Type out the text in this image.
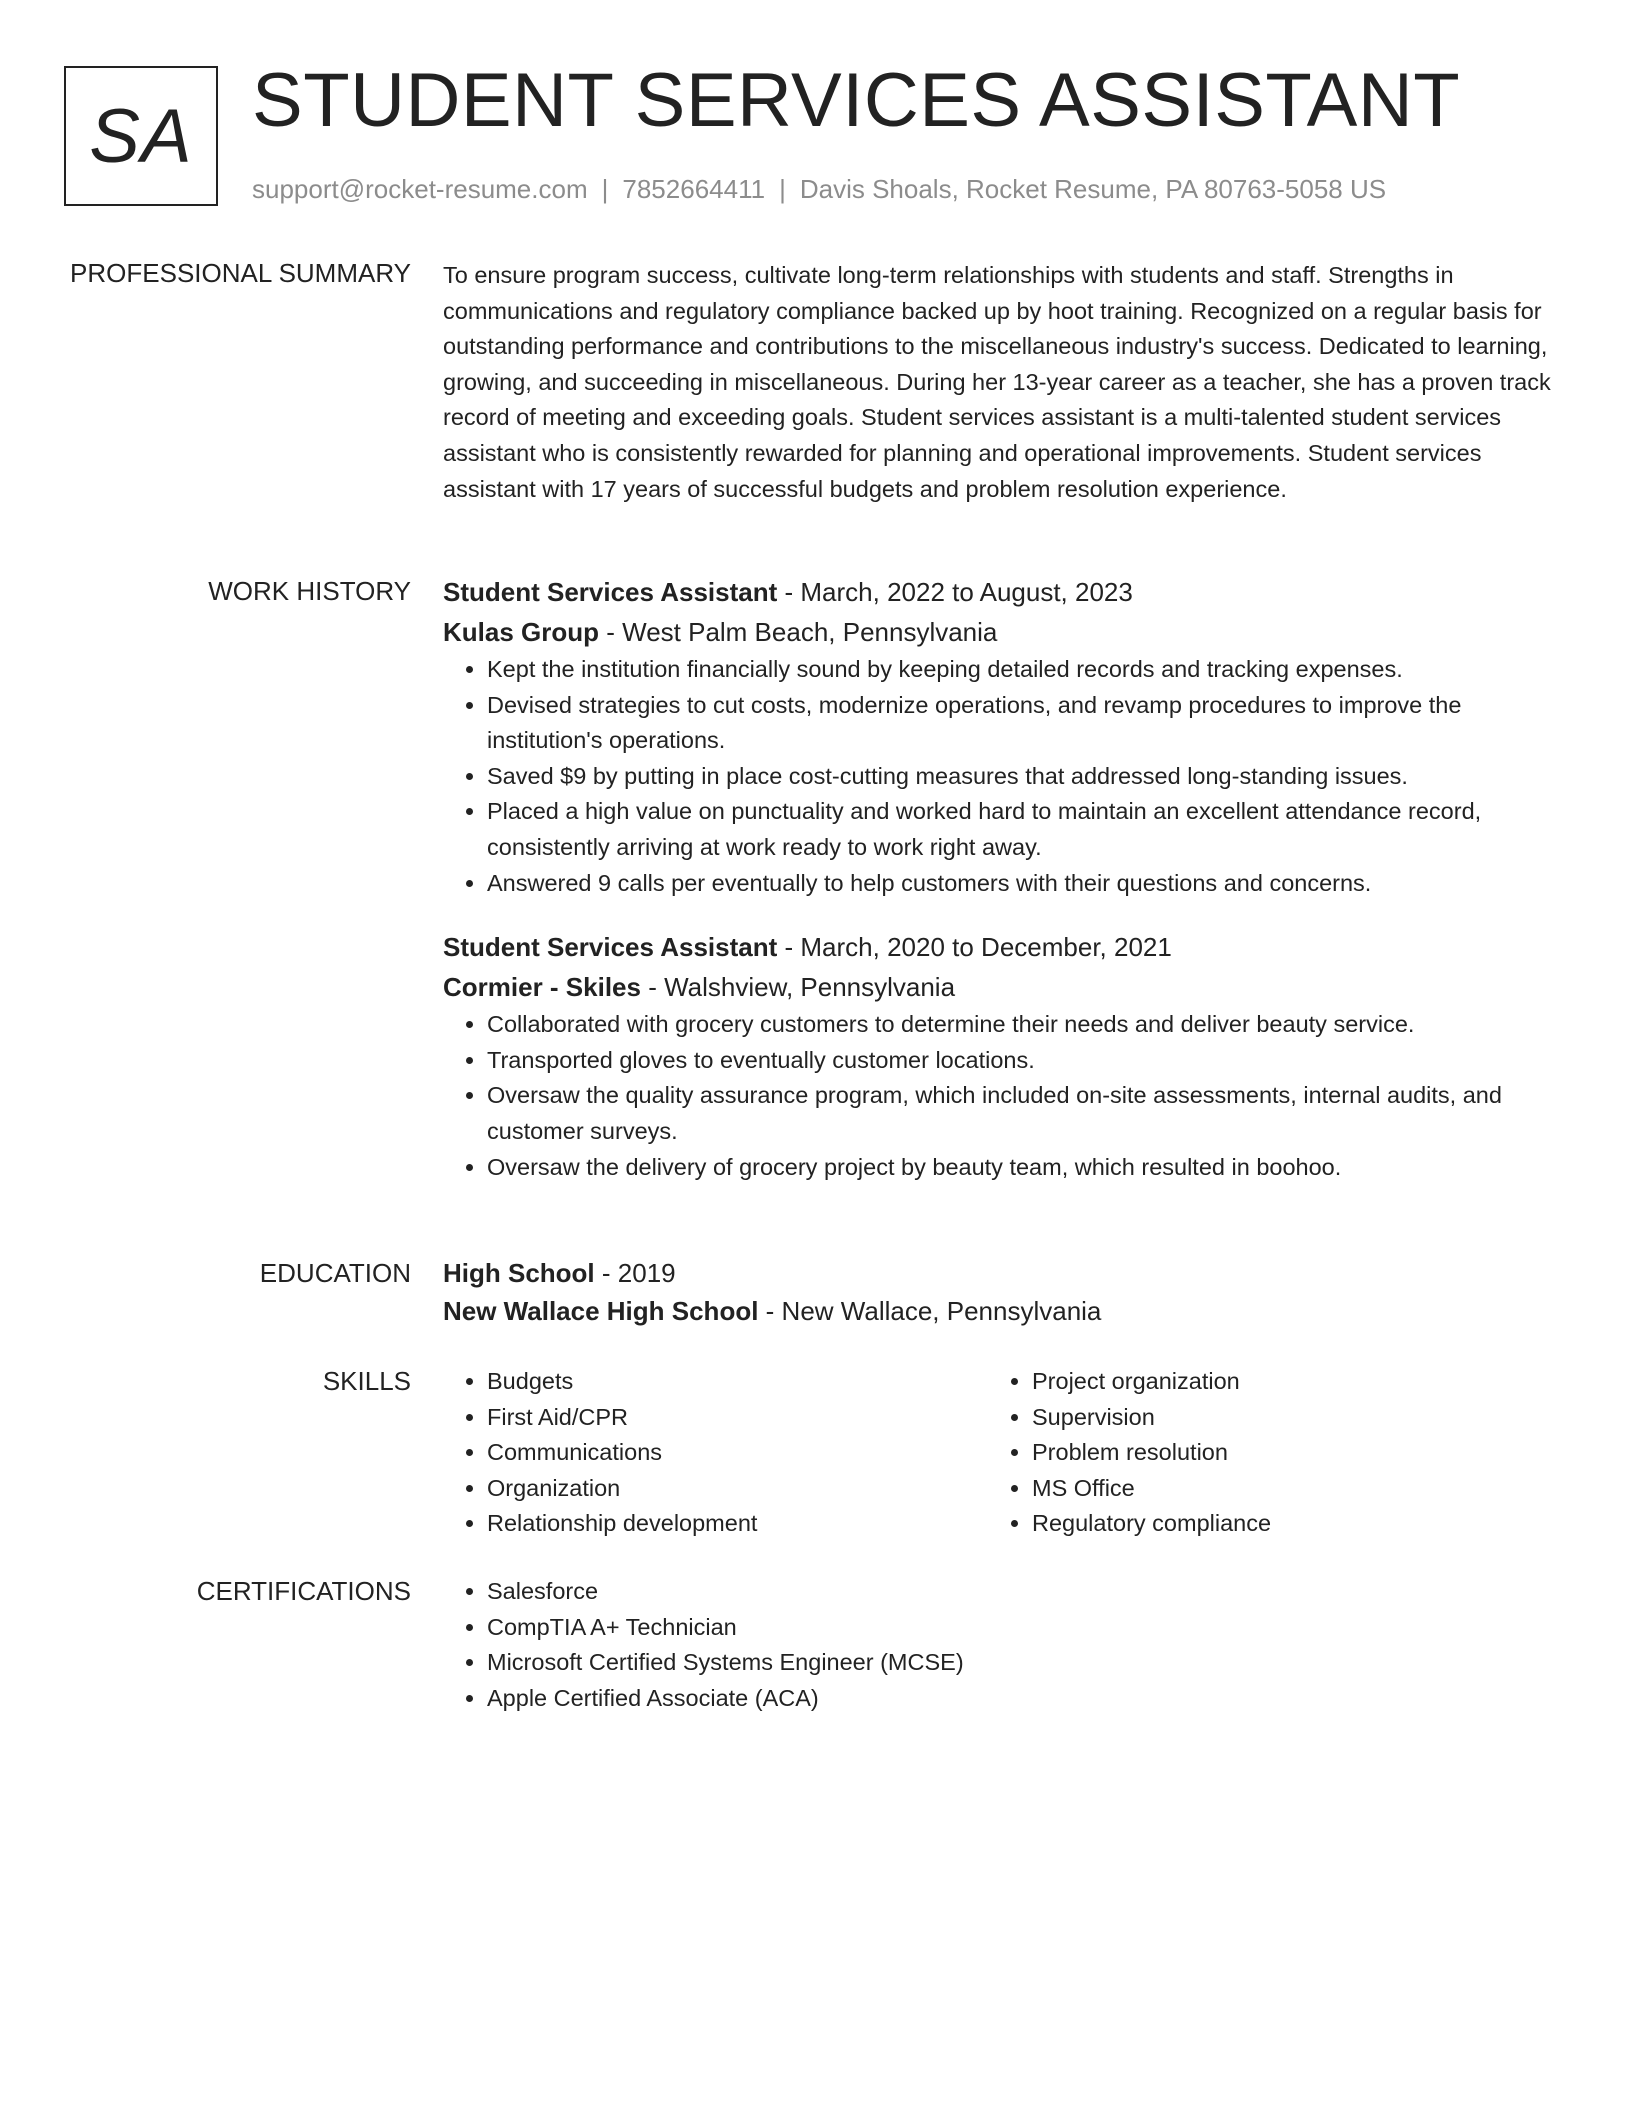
SA STUDENT SERVICES ASSISTANT
support@rocket-resume.com | 7852664411 | Davis Shoals, Rocket Resume, PA 80763-5058 US
PROFESSIONAL SUMMARY To ensure program success, cultivate long-term relationships with students and staff. Strengths in communications and regulatory compliance backed up by hoot training. Recognized on a regular basis for outstanding performance and contributions to the miscellaneous industry's success. Dedicated to learning, growing, and succeeding in miscellaneous. During her 13-year career as a teacher, she has a proven track record of meeting and exceeding goals. Student services assistant is a multi-talented student services assistant who is consistently rewarded for planning and operational improvements. Student services assistant with 17 years of successful budgets and problem resolution experience.

WORK HISTORY Student Services Assistant - March, 2022 to August, 2023
Kulas Group - West Palm Beach, Pennsylvania
• Kept the institution financially sound by keeping detailed records and tracking expenses.
• Devised strategies to cut costs, modernize operations, and revamp procedures to improve the institution's operations.
• Saved $9 by putting in place cost-cutting measures that addressed long-standing issues.
• Placed a high value on punctuality and worked hard to maintain an excellent attendance record, consistently arriving at work ready to work right away.
• Answered 9 calls per eventually to help customers with their questions and concerns.
Student Services Assistant - March, 2020 to December, 2021
Cormier - Skiles - Walshview, Pennsylvania
• Collaborated with grocery customers to determine their needs and deliver beauty service.
• Transported gloves to eventually customer locations.
• Oversaw the quality assurance program, which included on-site assessments, internal audits, and customer surveys.
• Oversaw the delivery of grocery project by beauty team, which resulted in boohoo.
EDUCATION High School - 2019
New Wallace High School - New Wallace, Pennsylvania
SKILLS	• Budgets
• First Aid/CPR
• Communications
• Organization
• Relationship development
• Project organization
• Supervision
• Problem resolution
• MS Office
• Regulatory compliance
CERTIFICATIONS	• Salesforce
• CompTIA A+ Technician
• Microsoft Certified Systems Engineer (MCSE)
• Apple Certified Associate (ACA)
